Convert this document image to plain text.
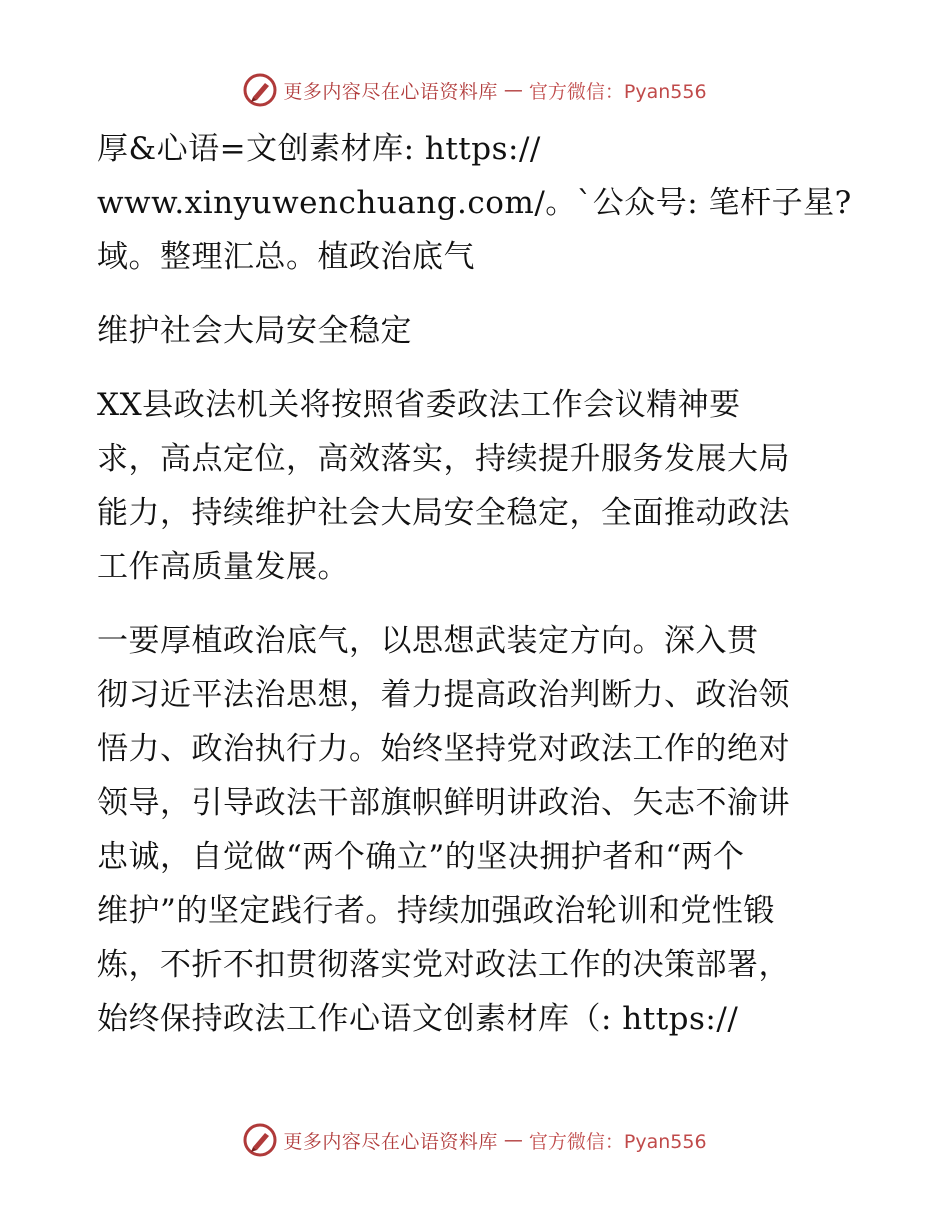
更多内容尽在心语资料库 — 官方微信：Pyan556
厚&心语=文创素材库: https://
www.xinyuwenchuang.com/。`公众号: 笔杆子星?
域。整理汇总。植政治底气
维护社会大局安全稳定
XX县政法机关将按照省委政法工作会议精神要
求，高点定位，高效落实，持续提升服务发展大局
能力，持续维护社会大局安全稳定，全面推动政法
工作高质量发展。
一要厚植政治底气，以思想武装定方向。深入贯
彻习近平法治思想，着力提高政治判断力、政治领
悟力、政治执行力。始终坚持党对政法工作的绝对
领导，引导政法干部旗帜鲜明讲政治、矢志不渝讲
忠诚，自觉做“两个确立”的坚决拥护者和“两个
维护”的坚定践行者。持续加强政治轮训和党性锻
炼，不折不扣贯彻落实党对政法工作的决策部署，
始终保持政法工作心语文创素材库（: https://
更多内容尽在心语资料库 — 官方微信：Pyan556
